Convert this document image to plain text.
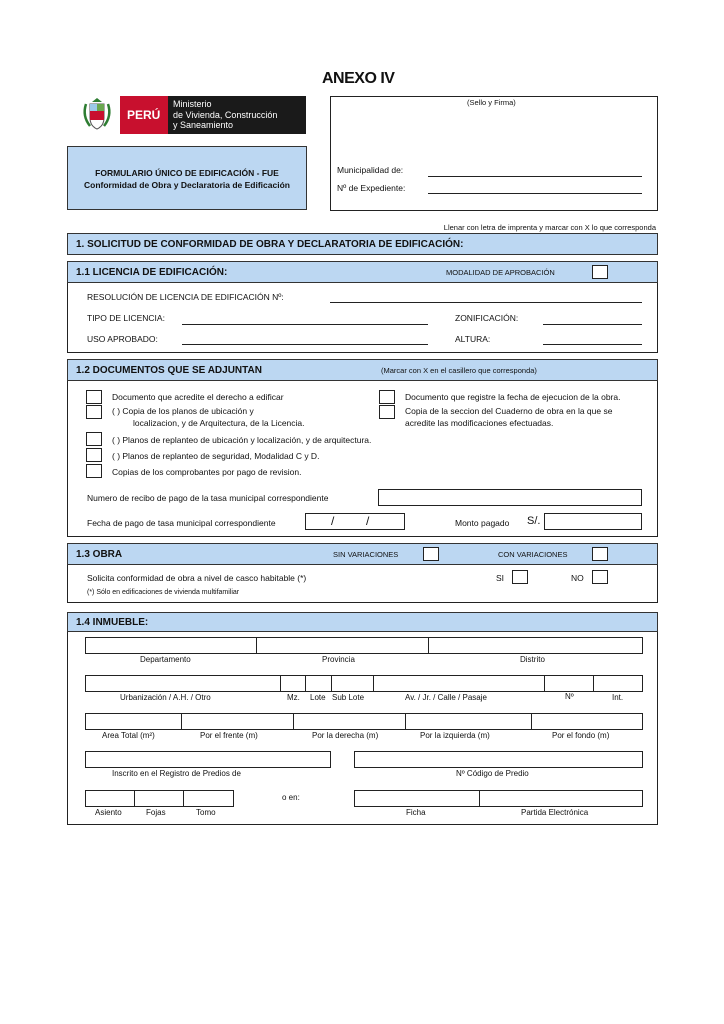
ANEXO IV
PERÚ
Ministerio
de Vivienda, Construcción
y Saneamiento
(Sello y Firma)
Municipalidad de:
Nº de Expediente:
FORMULARIO ÚNICO DE EDIFICACIÓN - FUE
Conformidad de Obra y Declaratoria de Edificación
Llenar con letra de imprenta y marcar con X lo que corresponda
1. SOLICITUD DE CONFORMIDAD DE OBRA Y DECLARATORIA DE EDIFICACIÓN:
1.1 LICENCIA DE EDIFICACIÓN:	MODALIDAD DE APROBACIÓN
RESOLUCIÓN DE LICENCIA DE EDIFICACIÓN Nº:
TIPO DE LICENCIA:	ZONIFICACIÓN:
USO APROBADO:	ALTURA:
1.2 DOCUMENTOS QUE SE ADJUNTAN	(Marcar con X en el casillero que corresponda)
Documento que acredite el derecho a edificar
( ) Copia de los planos de ubicación y
localizacion, y de Arquitectura, de la Licencia.
( ) Planos de replanteo de ubicación y localización, y de arquitectura.
( ) Planos de replanteo de seguridad, Modalidad C y D.
Copias de los comprobantes por pago de revision.
Documento que registre la fecha de ejecucion de la obra.
Copia de la seccion del Cuaderno de obra en la que se
acredite las modificaciones efectuadas.
Numero de recibo de pago de la tasa municipal correspondiente
Fecha de pago de tasa municipal correspondiente	/	/	Monto pagado S/.
1.3 OBRA	SIN VARIACIONES	CON VARIACIONES
Solicita conformidad de obra a nivel de casco habitable (*)	SI	NO
(*) Sólo en edificaciones de vivienda multifamiliar
1.4 INMUEBLE:
Departamento	Provincia	Distrito
Urbanización / A.H. / Otro	Mz. Lote Sub Lote	Av. / Jr. / Calle / Pasaje	Nº	Int.
Area Total (m²)	Por el frente (m)	Por la derecha (m)	Por la izquierda (m)	Por el fondo (m)
Inscrito en el Registro de Predios de	Nº Código de Predio
o en:
Asiento	Fojas	Tomo	Ficha	Partida Electrónica
